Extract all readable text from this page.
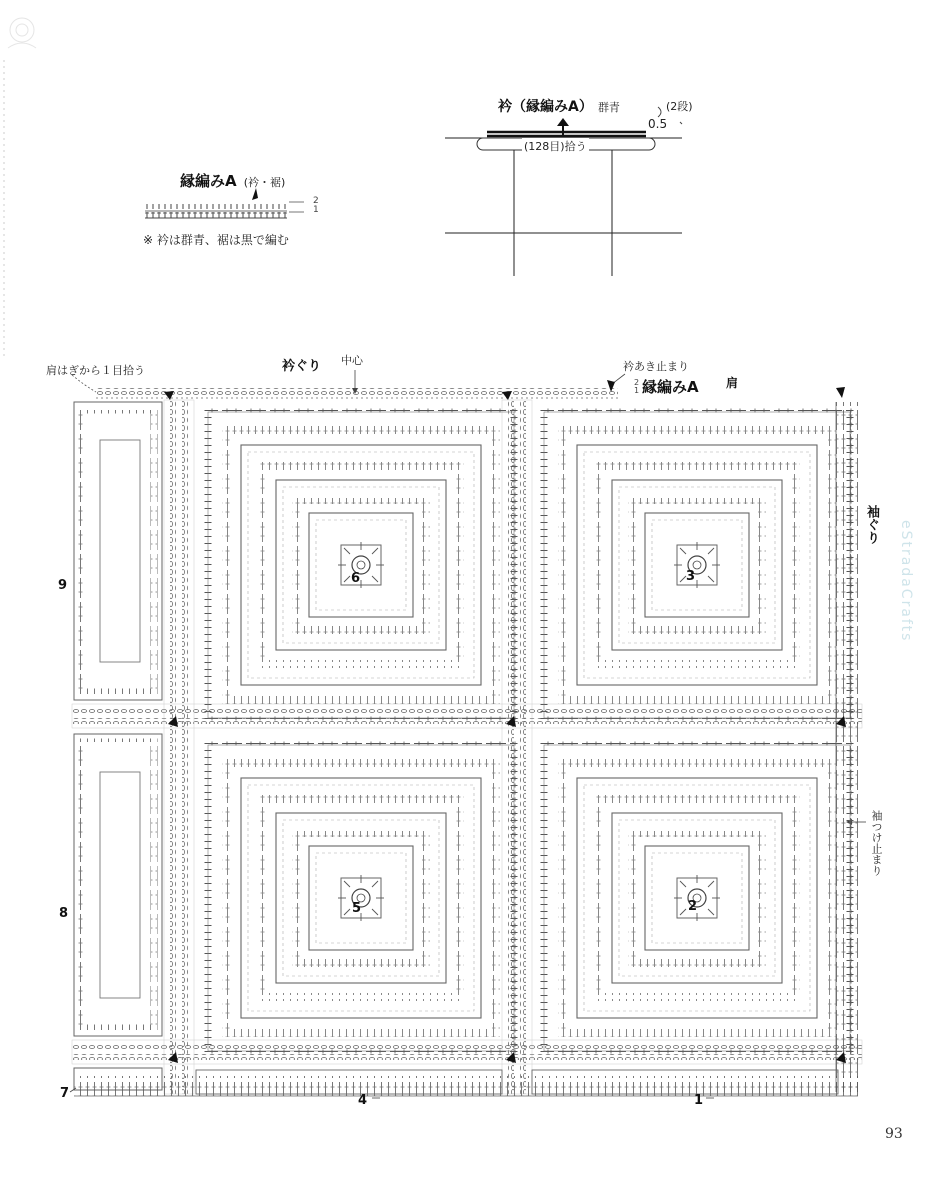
縁編みA (衿・裾)
2
1
※ 衿は群青、裾は黒で編む
衿（縁編みA） 群青	(2段)
0.5
(128目)拾う
肩はぎから１目拾う	衿ぐり 中心	衿あき止まり
2
1 縁編みA 肩
袖ぐり
袖つけ止まり
6	3
5	2
9
8
7	4	1
eStradaCrafts
93
